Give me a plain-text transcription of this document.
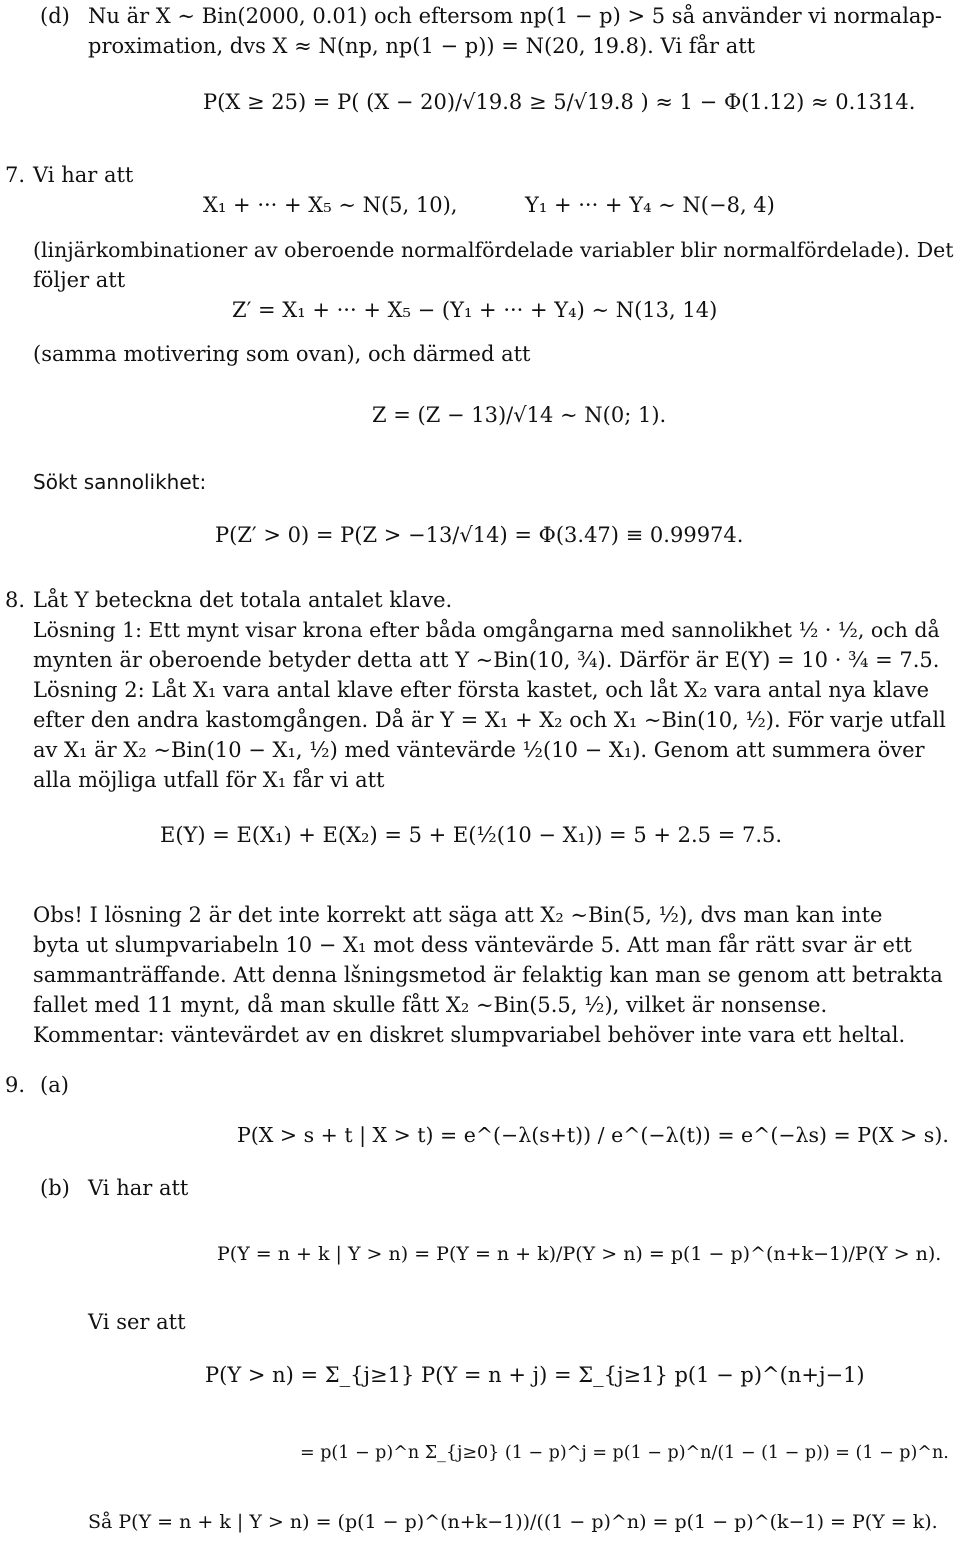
(d) Nu är X ∼ Bin(2000, 0.01) och eftersom np(1 − p) > 5 så använder vi normalap-
proximation, dvs X ≈ N(np, np(1 − p)) = N(20, 19.8). Vi får att
P(X ≥ 25) = P( (X − 20)/√19.8 ≥ 5/√19.8 ) ≈ 1 − Φ(1.12) ≈ 0.1314.
7. Vi har att
X₁ + ··· + X₅ ∼ N(5, 10),	Y₁ + ··· + Y₄ ∼ N(−8, 4)
(linjärkombinationer av oberoende normalfördelade variabler blir normalfördelade). Det
följer att
Z′ = X₁ + ··· + X₅ − (Y₁ + ··· + Y₄) ∼ N(13, 14)
(samma motivering som ovan), och därmed att
Z = (Z − 13)/√14 ∼ N(0; 1).
Sökt sannolikhet:
P(Z′ > 0) = P(Z > −13/√14) = Φ(3.47) ≡ 0.99974.
8. Låt Y beteckna det totala antalet klave.
Lösning 1: Ett mynt visar krona efter båda omgångarna med sannolikhet ½ · ½, och då
mynten är oberoende betyder detta att Y ∼Bin(10, ¾). Därför är E(Y) = 10 · ¾ = 7.5.
Lösning 2: Låt X₁ vara antal klave efter första kastet, och låt X₂ vara antal nya klave
efter den andra kastomgången. Då är Y = X₁ + X₂ och X₁ ∼Bin(10, ½). För varje utfall
av X₁ är X₂ ∼Bin(10 − X₁, ½) med väntevärde ½(10 − X₁). Genom att summera över
alla möjliga utfall för X₁ får vi att
E(Y) = E(X₁) + E(X₂) = 5 + E(½(10 − X₁)) = 5 + 2.5 = 7.5.
Obs! I lösning 2 är det inte korrekt att säga att X₂ ∼Bin(5, ½), dvs man kan inte
byta ut slumpvariabeln 10 − X₁ mot dess väntevärde 5. Att man får rätt svar är ett
sammanträffande. Att denna lšningsmetod är felaktig kan man se genom att betrakta
fallet med 11 mynt, då man skulle fått X₂ ∼Bin(5.5, ½), vilket är nonsense.
Kommentar: väntevärdet av en diskret slumpvariabel behöver inte vara ett heltal.
9. (a)
P(X > s + t | X > t) = e^(−λ(s+t)) / e^(−λ(t)) = e^(−λs) = P(X > s).
(b) Vi har att
P(Y = n + k | Y > n) = P(Y = n + k)/P(Y > n) = p(1 − p)^(n+k−1)/P(Y > n).
Vi ser att
P(Y > n) = Σ_{j≥1} P(Y = n + j) = Σ_{j≥1} p(1 − p)^(n+j−1)
= p(1 − p)^n Σ_{j≥0} (1 − p)^j = p(1 − p)^n/(1 − (1 − p)) = (1 − p)^n.
Så P(Y = n + k | Y > n) = (p(1 − p)^(n+k−1))/((1 − p)^n) = p(1 − p)^(k−1) = P(Y = k).
